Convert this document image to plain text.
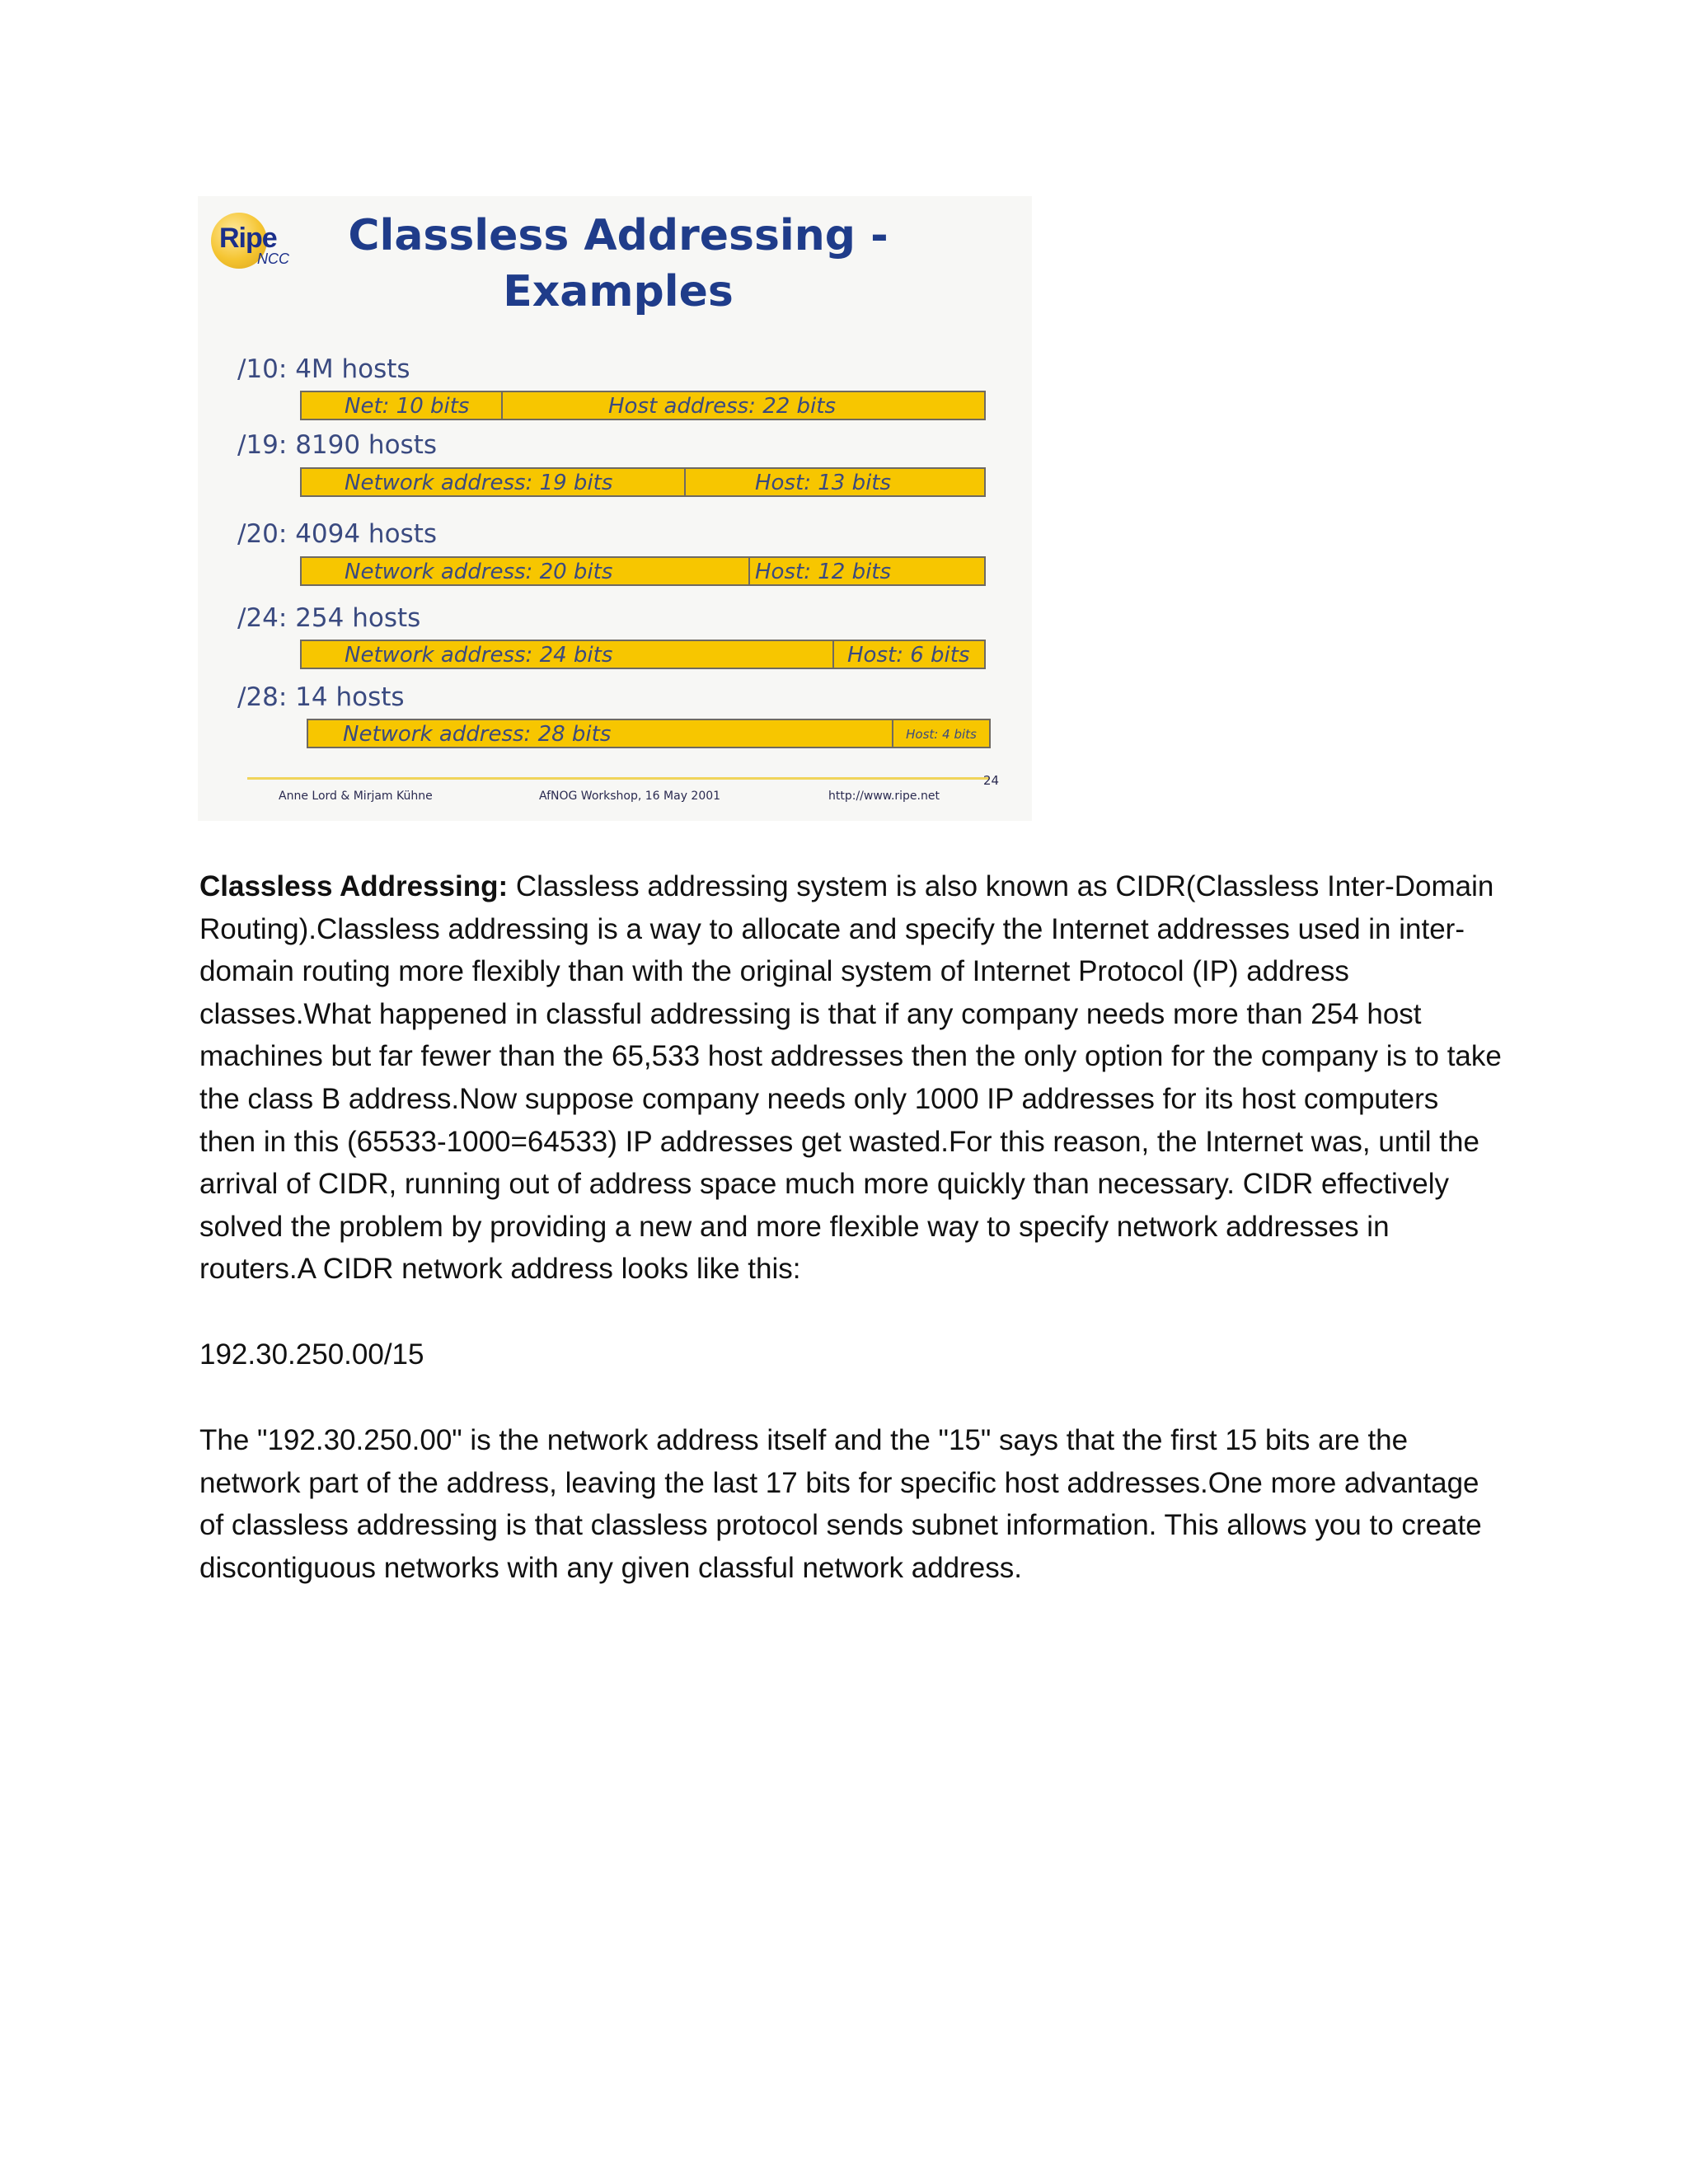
Ripe
NCC	Classless Addressing -
Examples
/10: 4M hosts
Net: 10 bits	Host address: 22 bits
/19: 8190 hosts
Network address: 19 bits	Host: 13 bits
/20: 4094 hosts
Network address: 20 bits	Host: 12 bits
/24: 254 hosts
Network address: 24 bits	Host: 6 bits
/28: 14 hosts
Network address: 28 bits	Host: 4 bits
Anne Lord & Mirjam Kühne	AfNOG Workshop, 16 May 2001	http://www.ripe.net
24
Classless Addressing: Classless addressing system is also known as CIDR(Classless Inter-Domain Routing).Classless addressing is a way to allocate and specify the Internet addresses used in inter-domain routing more flexibly than with the original system of Internet Protocol (IP) address classes.What happened in classful addressing is that if any company needs more than 254 host machines but far fewer than the 65,533 host addresses then the only option for the company is to take the class B address.Now suppose company needs only 1000 IP addresses for its host computers then in this (65533-1000=64533) IP addresses get wasted.For this reason, the Internet was, until the arrival of CIDR, running out of address space much more quickly than necessary. CIDR effectively solved the problem by providing a new and more flexible way to specify network addresses in routers.A CIDR network address looks like this:
192.30.250.00/15
The "192.30.250.00" is the network address itself and the "15" says that the first 15 bits are the network part of the address, leaving the last 17 bits for specific host addresses.One more advantage of classless addressing is that classless protocol sends subnet information. This allows you to create discontiguous networks with any given classful network address.
